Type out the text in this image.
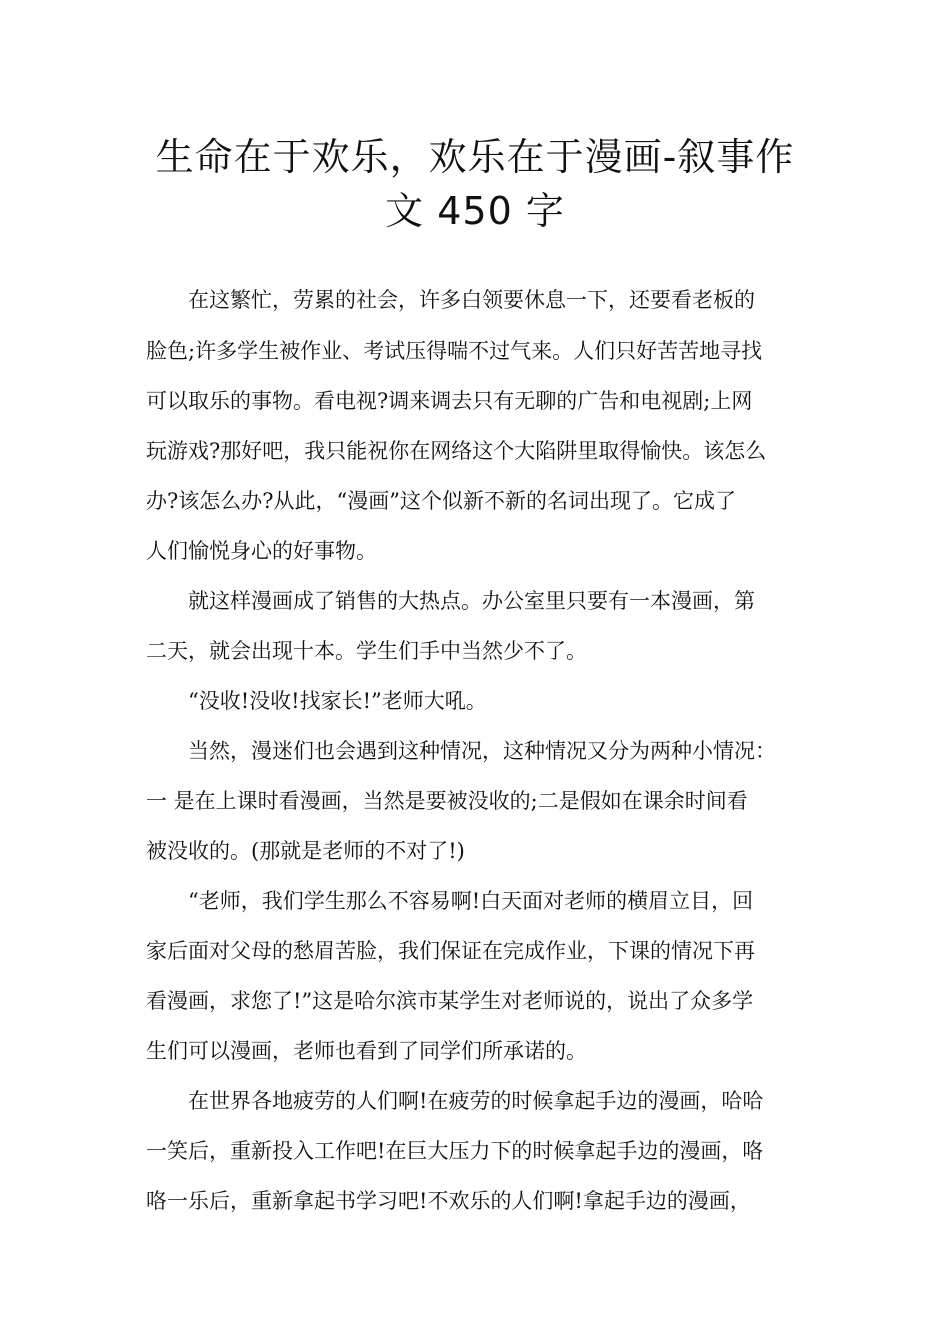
生命在于欢乐，欢乐在于漫画-叙事作
文 450 字
　　在这繁忙，劳累的社会，许多白领要休息一下，还要看老板的
脸色;许多学生被作业、考试压得喘不过气来。人们只好苦苦地寻找
可以取乐的事物。看电视?调来调去只有无聊的广告和电视剧;上网
玩游戏?那好吧，我只能祝你在网络这个大陷阱里取得愉快。该怎么
办?该怎么办?从此，“漫画”这个似新不新的名词出现了。它成了
人们愉悦身心的好事物。
　　就这样漫画成了销售的大热点。办公室里只要有一本漫画，第
二天，就会出现十本。学生们手中当然少不了。
　　“没收!没收!找家长!”老师大吼。
　　当然，漫迷们也会遇到这种情况，这种情况又分为两种小情况：
一 是在上课时看漫画，当然是要被没收的;二是假如在课余时间看
被没收的。(那就是老师的不对了!)
　　“老师，我们学生那么不容易啊!白天面对老师的横眉立目，回
家后面对父母的愁眉苦脸，我们保证在完成作业，下课的情况下再
看漫画，求您了!”这是哈尔滨市某学生对老师说的，说出了众多学
生们可以漫画，老师也看到了同学们所承诺的。
　　在世界各地疲劳的人们啊!在疲劳的时候拿起手边的漫画，哈哈
一笑后，重新投入工作吧!在巨大压力下的时候拿起手边的漫画，咯
咯一乐后，重新拿起书学习吧!不欢乐的人们啊!拿起手边的漫画，
